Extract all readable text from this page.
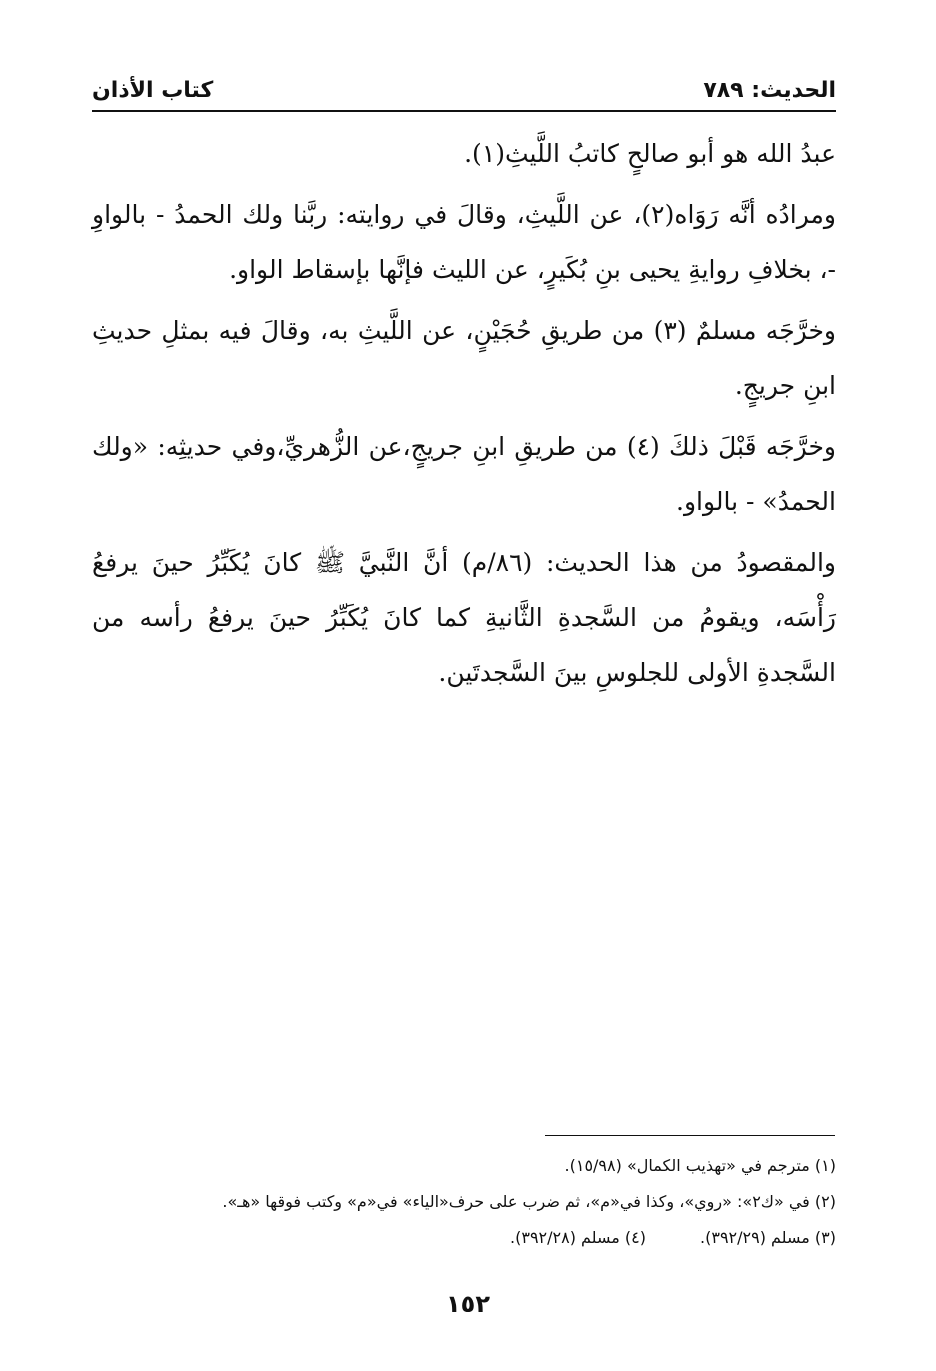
الحديث: ٧٨٩
كتاب الأذان

عبدُ الله هو أبو صالحٍ كاتبُ اللَّيثِ(١).

ومرادُه أنَّه رَوَاه(٢)، عن اللَّيثِ، وقالَ في روايته: ربَّنا ولك الحمدُ - بالواوِ -، بخلافِ روايةِ يحيى بنِ بُكَيرٍ، عن الليث فإنَّها بإسقاط الواو.

وخرَّجَه مسلمٌ (٣) من طريقِ حُجَيْنٍ، عن اللَّيثِ به، وقالَ فيه بمثلِ حديثِ ابنِ جريجٍ.

وخرَّجَه قَبْلَ ذلكَ (٤) من طريقِ ابنِ جريجٍ،عن الزُّهريِّ،وفي حديثِه: «ولك الحمدُ» - بالواو.

والمقصودُ من هذا الحديث: (٨٦/م) أنَّ النَّبيَّ ﷺ كانَ يُكَبِّرُ حينَ يرفعُ رَأْسَه، ويقومُ من السَّجدةِ الثَّانيةِ كما كانَ يُكَبِّرُ حينَ يرفعُ رأسه من السَّجدةِ الأولى للجلوسِ بينَ السَّجدتَين.

(١) مترجم في «تهذيب الكمال» (١٥/٩٨).

(٢) في «ك٢»: «روي»، وكذا في«م»، ثم ضرب على حرف«الياء» في«م» وكتب فوقها «هـ».

(٣) مسلم (٣٩٢/٢٩).
(٤) مسلم (٣٩٢/٢٨).

١٥٢
